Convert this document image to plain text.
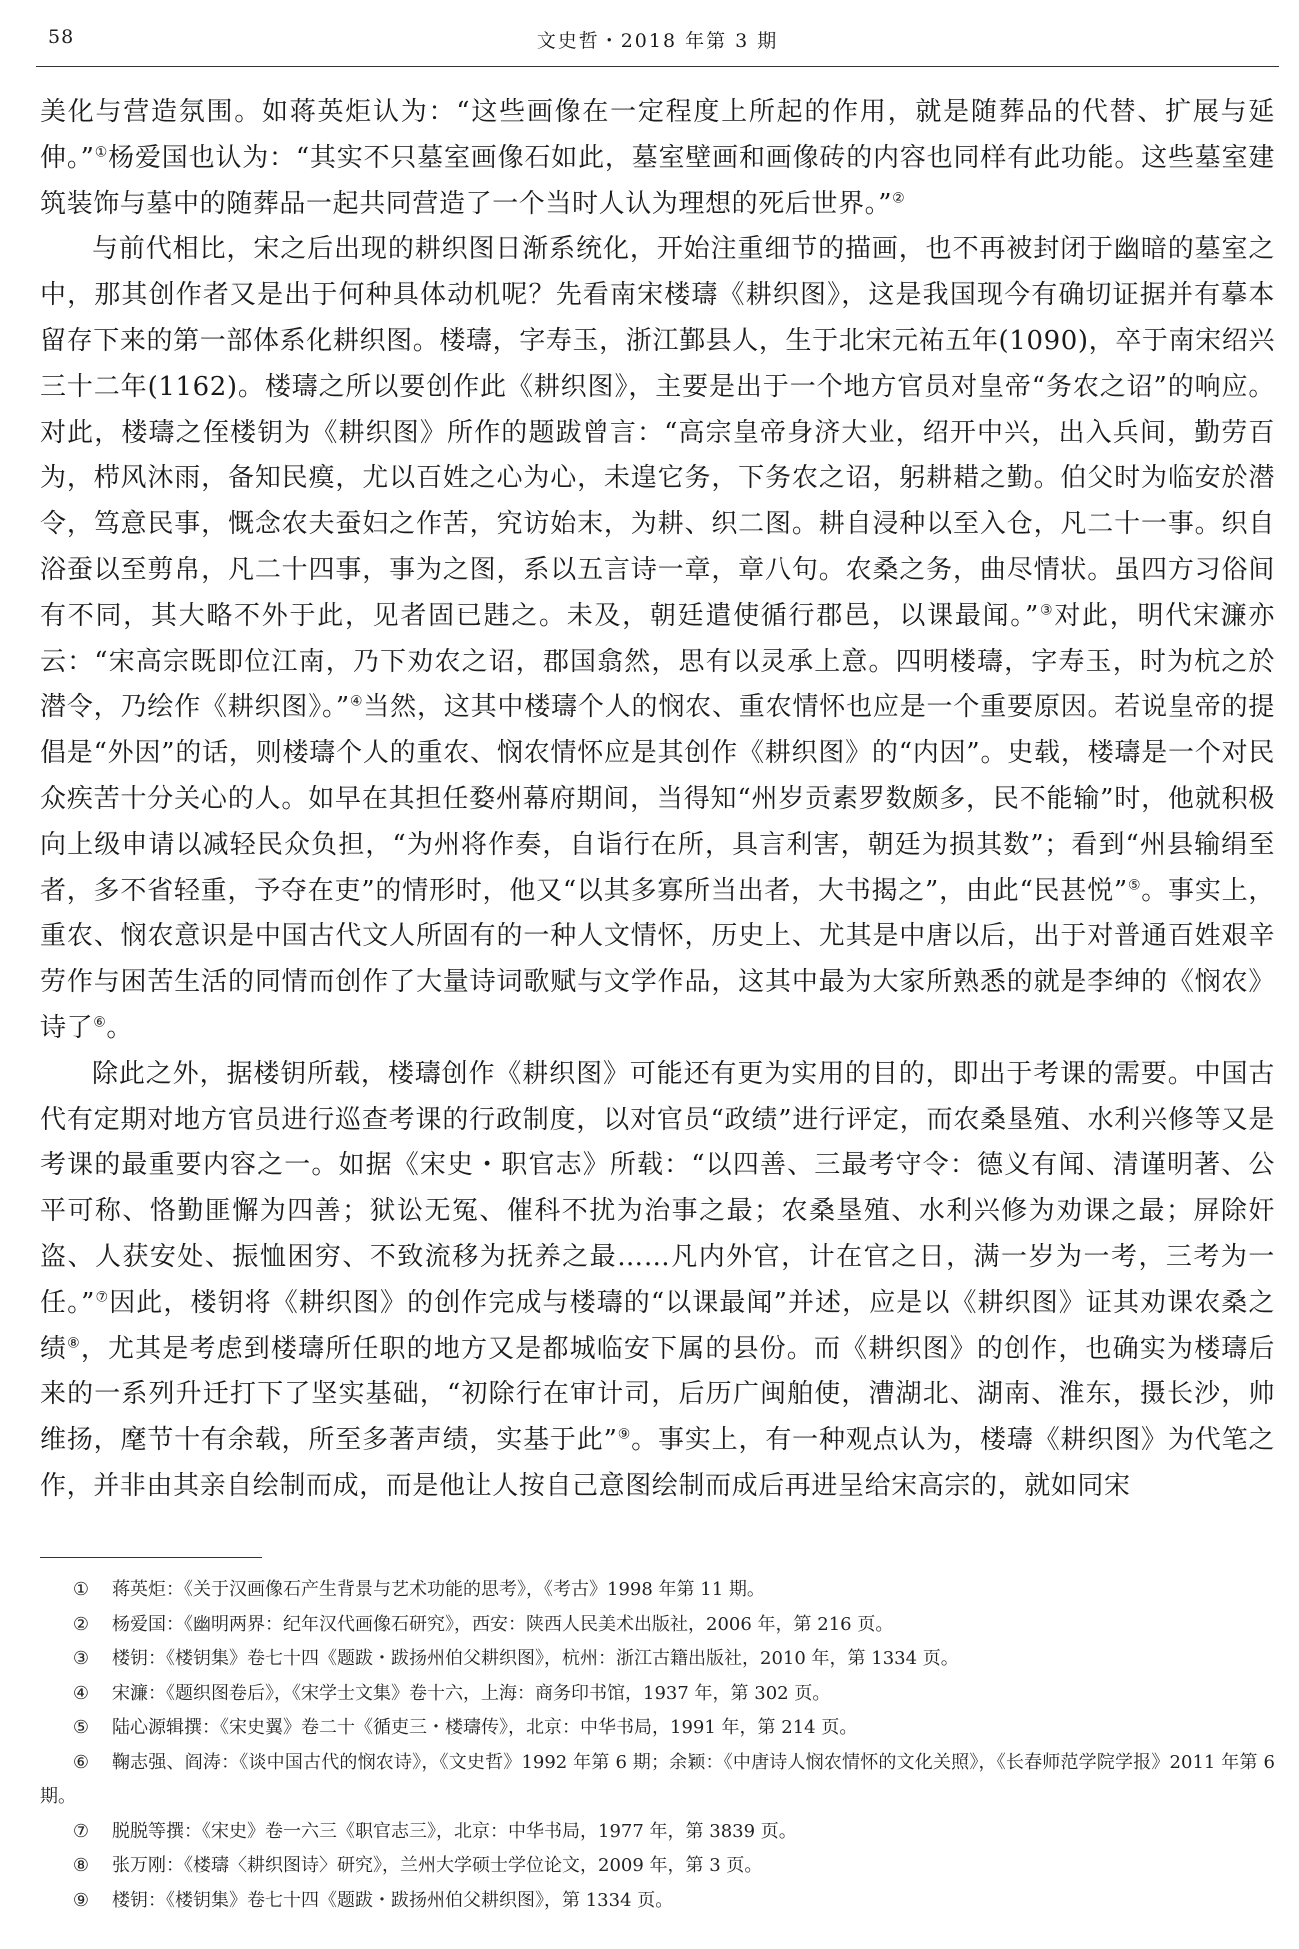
58	文史哲・2018 年第 3 期

美化与营造氛围。如蒋英炬认为：“这些画像在一定程度上所起的作用，就是随葬品的代替、扩展与延伸。”①杨爱国也认为：“其实不只墓室画像石如此，墓室壁画和画像砖的内容也同样有此功能。这些墓室建筑装饰与墓中的随葬品一起共同营造了一个当时人认为理想的死后世界。”②

与前代相比，宋之后出现的耕织图日渐系统化，开始注重细节的描画，也不再被封闭于幽暗的墓室之中，那其创作者又是出于何种具体动机呢？先看南宋楼璹《耕织图》，这是我国现今有确切证据并有摹本留存下来的第一部体系化耕织图。楼璹，字寿玉，浙江鄞县人，生于北宋元祐五年(1090)，卒于南宋绍兴三十二年(1162)。楼璹之所以要创作此《耕织图》，主要是出于一个地方官员对皇帝“务农之诏”的响应。对此，楼璹之侄楼钥为《耕织图》所作的题跋曾言：“高宗皇帝身济大业，绍开中兴，出入兵间，勤劳百为，栉风沐雨，备知民瘼，尤以百姓之心为心，未遑它务，下务农之诏，躬耕耤之勤。伯父时为临安於潜令，笃意民事，慨念农夫蚕妇之作苦，究访始末，为耕、织二图。耕自浸种以至入仓，凡二十一事。织自浴蚕以至剪帛，凡二十四事，事为之图，系以五言诗一章，章八句。农桑之务，曲尽情状。虽四方习俗间有不同，其大略不外于此，见者固已韪之。未及，朝廷遣使循行郡邑，以课最闻。”③对此，明代宋濂亦云：“宋高宗既即位江南，乃下劝农之诏，郡国翕然，思有以灵承上意。四明楼璹，字寿玉，时为杭之於潜令，乃绘作《耕织图》。”④当然，这其中楼璹个人的悯农、重农情怀也应是一个重要原因。若说皇帝的提倡是“外因”的话，则楼璹个人的重农、悯农情怀应是其创作《耕织图》的“内因”。史载，楼璹是一个对民众疾苦十分关心的人。如早在其担任婺州幕府期间，当得知“州岁贡素罗数颇多，民不能输”时，他就积极向上级申请以减轻民众负担，“为州将作奏，自诣行在所，具言利害，朝廷为损其数”；看到“州县输绢至者，多不省轻重，予夺在吏”的情形时，他又“以其多寡所当出者，大书揭之”，由此“民甚悦”⑤。事实上，重农、悯农意识是中国古代文人所固有的一种人文情怀，历史上、尤其是中唐以后，出于对普通百姓艰辛劳作与困苦生活的同情而创作了大量诗词歌赋与文学作品，这其中最为大家所熟悉的就是李绅的《悯农》诗了⑥。

除此之外，据楼钥所载，楼璹创作《耕织图》可能还有更为实用的目的，即出于考课的需要。中国古代有定期对地方官员进行巡查考课的行政制度，以对官员“政绩”进行评定，而农桑垦殖、水利兴修等又是考课的最重要内容之一。如据《宋史・职官志》所载：“以四善、三最考守令：德义有闻、清谨明著、公平可称、恪勤匪懈为四善；狱讼无冤、催科不扰为治事之最；农桑垦殖、水利兴修为劝课之最；屏除奸盗、人获安处、振恤困穷、不致流移为抚养之最……凡内外官，计在官之日，满一岁为一考，三考为一任。”⑦因此，楼钥将《耕织图》的创作完成与楼璹的“以课最闻”并述，应是以《耕织图》证其劝课农桑之绩⑧，尤其是考虑到楼璹所任职的地方又是都城临安下属的县份。而《耕织图》的创作，也确实为楼璹后来的一系列升迁打下了坚实基础，“初除行在审计司，后历广闽舶使，漕湖北、湖南、淮东，摄长沙，帅维扬，麾节十有余载，所至多著声绩，实基于此”⑨。事实上，有一种观点认为，楼璹《耕织图》为代笔之作，并非由其亲自绘制而成，而是他让人按自己意图绘制而成后再进呈给宋高宗的，就如同宋

①	蒋英炬：《关于汉画像石产生背景与艺术功能的思考》，《考古》1998 年第 11 期。
②	杨爱国：《幽明两界：纪年汉代画像石研究》，西安：陕西人民美术出版社，2006 年，第 216 页。
③	楼钥：《楼钥集》卷七十四《题跋・跋扬州伯父耕织图》，杭州：浙江古籍出版社，2010 年，第 1334 页。
④	宋濂：《题织图卷后》，《宋学士文集》卷十六，上海：商务印书馆，1937 年，第 302 页。
⑤	陆心源辑撰：《宋史翼》卷二十《循吏三・楼璹传》，北京：中华书局，1991 年，第 214 页。
⑥	鞠志强、阎涛：《谈中国古代的悯农诗》，《文史哲》1992 年第 6 期；余颖：《中唐诗人悯农情怀的文化关照》，《长春师范学院学报》2011 年第 6 期。
⑦	脱脱等撰：《宋史》卷一六三《职官志三》，北京：中华书局，1977 年，第 3839 页。
⑧	张万刚：《楼璹〈耕织图诗〉研究》，兰州大学硕士学位论文，2009 年，第 3 页。
⑨	楼钥：《楼钥集》卷七十四《题跋・跋扬州伯父耕织图》，第 1334 页。
